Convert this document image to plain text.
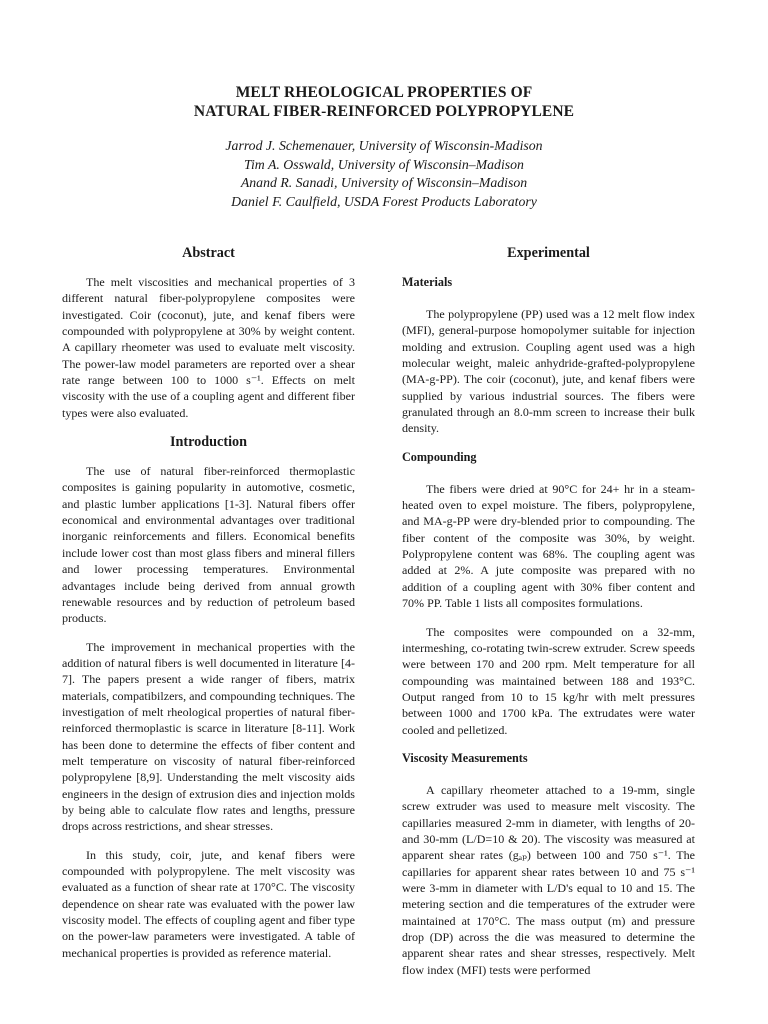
MELT RHEOLOGICAL PROPERTIES OF
NATURAL FIBER-REINFORCED POLYPROPYLENE
Jarrod J. Schemenauer, University of Wisconsin-Madison
Tim A. Osswald, University of Wisconsin–Madison
Anand R. Sanadi, University of Wisconsin–Madison
Daniel F. Caulfield, USDA Forest Products Laboratory
Abstract

The melt viscosities and mechanical properties of 3 different natural fiber-polypropylene composites were investigated. Coir (coconut), jute, and kenaf fibers were compounded with polypropylene at 30% by weight content. A capillary rheometer was used to evaluate melt viscosity. The power-law model parameters are reported over a shear rate range between 100 to 1000 s⁻¹. Effects on melt viscosity with the use of a coupling agent and different fiber types were also evaluated.

Introduction

The use of natural fiber-reinforced thermoplastic composites is gaining popularity in automotive, cosmetic, and plastic lumber applications [1-3]. Natural fibers offer economical and environmental advantages over traditional inorganic reinforcements and fillers. Economical benefits include lower cost than most glass fibers and mineral fillers and lower processing temperatures. Environmental advantages include being derived from annual growth renewable resources and by reduction of petroleum based products.

The improvement in mechanical properties with the addition of natural fibers is well documented in literature [4-7]. The papers present a wide ranger of fibers, matrix materials, compatibilzers, and compounding techniques. The investigation of melt rheological properties of natural fiber-reinforced thermoplastic is scarce in literature [8-11]. Work has been done to determine the effects of fiber content and melt temperature on viscosity of natural fiber-reinforced polypropylene [8,9]. Understanding the melt viscosity aids engineers in the design of extrusion dies and injection molds by being able to calculate flow rates and lengths, pressure drops across restrictions, and shear stresses.

In this study, coir, jute, and kenaf fibers were compounded with polypropylene. The melt viscosity was evaluated as a function of shear rate at 170°C. The viscosity dependence on shear rate was evaluated with the power law viscosity model. The effects of coupling agent and fiber type on the power-law parameters were investigated. A table of mechanical properties is provided as reference material.

Experimental
Materials

The polypropylene (PP) used was a 12 melt flow index (MFI), general-purpose homopolymer suitable for injection molding and extrusion. Coupling agent used was a high molecular weight, maleic anhydride-grafted-polypropylene (MA-g-PP). The coir (coconut), jute, and kenaf fibers were supplied by various industrial sources. The fibers were granulated through an 8.0-mm screen to increase their bulk density.

Compounding

The fibers were dried at 90°C for 24+ hr in a steam-heated oven to expel moisture. The fibers, polypropylene, and MA-g-PP were dry-blended prior to compounding. The fiber content of the composite was 30%, by weight. Polypropylene content was 68%. The coupling agent was added at 2%. A jute composite was prepared with no addition of a coupling agent with 30% fiber content and 70% PP. Table 1 lists all composites formulations.

The composites were compounded on a 32-mm, intermeshing, co-rotating twin-screw extruder. Screw speeds were between 170 and 200 rpm. Melt temperature for all compounding was maintained between 188 and 193°C. Output ranged from 10 to 15 kg/hr with melt pressures between 1000 and 1700 kPa. The extrudates were water cooled and pelletized.

Viscosity Measurements

A capillary rheometer attached to a 19-mm, single screw extruder was used to measure melt viscosity. The capillaries measured 2-mm in diameter, with lengths of 20- and 30-mm (L/D=10 & 20). The viscosity was measured at apparent shear rates (gₐₚ) between 100 and 750 s⁻¹. The capillaries for apparent shear rates between 10 and 75 s⁻¹ were 3-mm in diameter with L/D's equal to 10 and 15. The metering section and die temperatures of the extruder were maintained at 170°C. The mass output (m) and pressure drop (DP) across the die was measured to determine the apparent shear rates and shear stresses, respectively. Melt flow index (MFI) tests were performed
